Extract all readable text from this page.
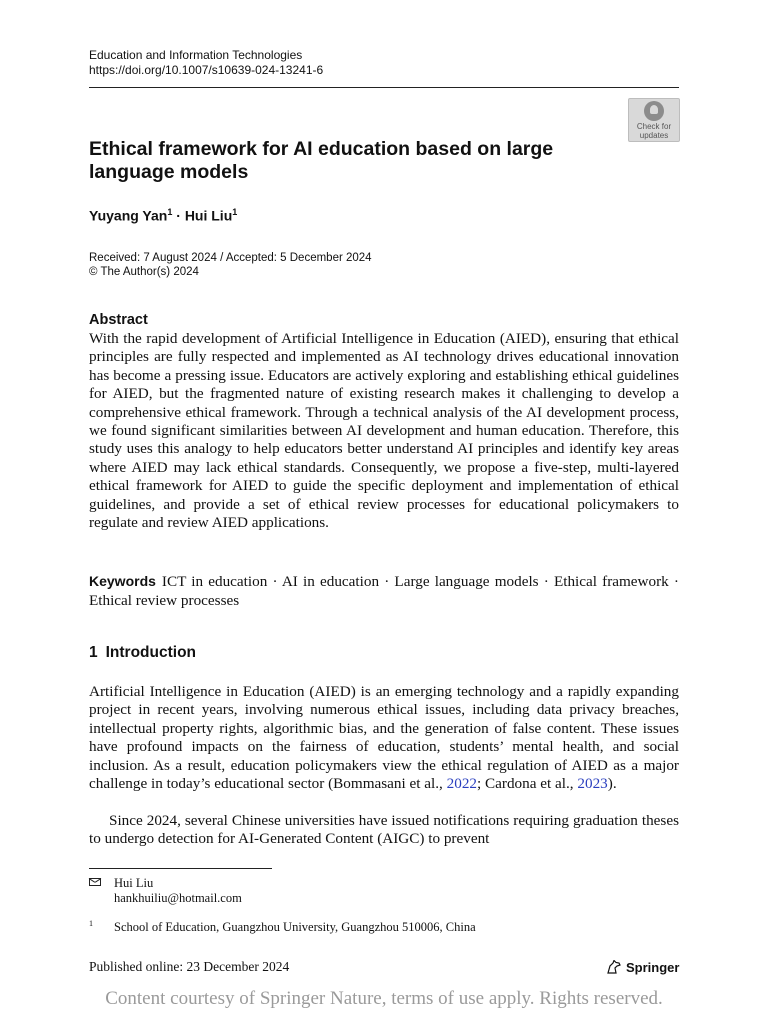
Education and Information Technologies
https://doi.org/10.1007/s10639-024-13241-6
Check for
updates
Ethical framework for AI education based on large language models
Yuyang Yan$^1$ · Hui Liu$^1$
Received: 7 August 2024 / Accepted: 5 December 2024
© The Author(s) 2024
Abstract
With the rapid development of Artificial Intelligence in Education (AIED), ensuring that ethical principles are fully respected and implemented as AI technology drives educational innovation has become a pressing issue. Educators are actively exploring and establishing ethical guidelines for AIED, but the fragmented nature of existing research makes it challenging to develop a comprehensive ethical framework. Through a technical analysis of the AI development process, we found significant similarities between AI development and human education. Therefore, this study uses this analogy to help educators better understand AI principles and identify key areas where AIED may lack ethical standards. Consequently, we propose a five-step, multi-layered ethical framework for AIED to guide the specific deployment and implementation of ethical guidelines, and provide a set of ethical review processes for educational policymakers to regulate and review AIED applications.
Keywords ICT in education · AI in education · Large language models · Ethical framework · Ethical review processes
1 Introduction
Artificial Intelligence in Education (AIED) is an emerging technology and a rapidly expanding project in recent years, involving numerous ethical issues, including data privacy breaches, intellectual property rights, algorithmic bias, and the generation of false content. These issues have profound impacts on the fairness of education, students’ mental health, and social inclusion. As a result, education policymakers view the ethical regulation of AIED as a major challenge in today’s educational sector (Bommasani et al., 2022; Cardona et al., 2023).
Since 2024, several Chinese universities have issued notifications requiring graduation theses to undergo detection for AI-Generated Content (AIGC) to prevent
Hui Liu
hankhuiliu@hotmail.com
1 School of Education, Guangzhou University, Guangzhou 510006, China
Published online: 23 December 2024	Springer
Content courtesy of Springer Nature, terms of use apply. Rights reserved.
